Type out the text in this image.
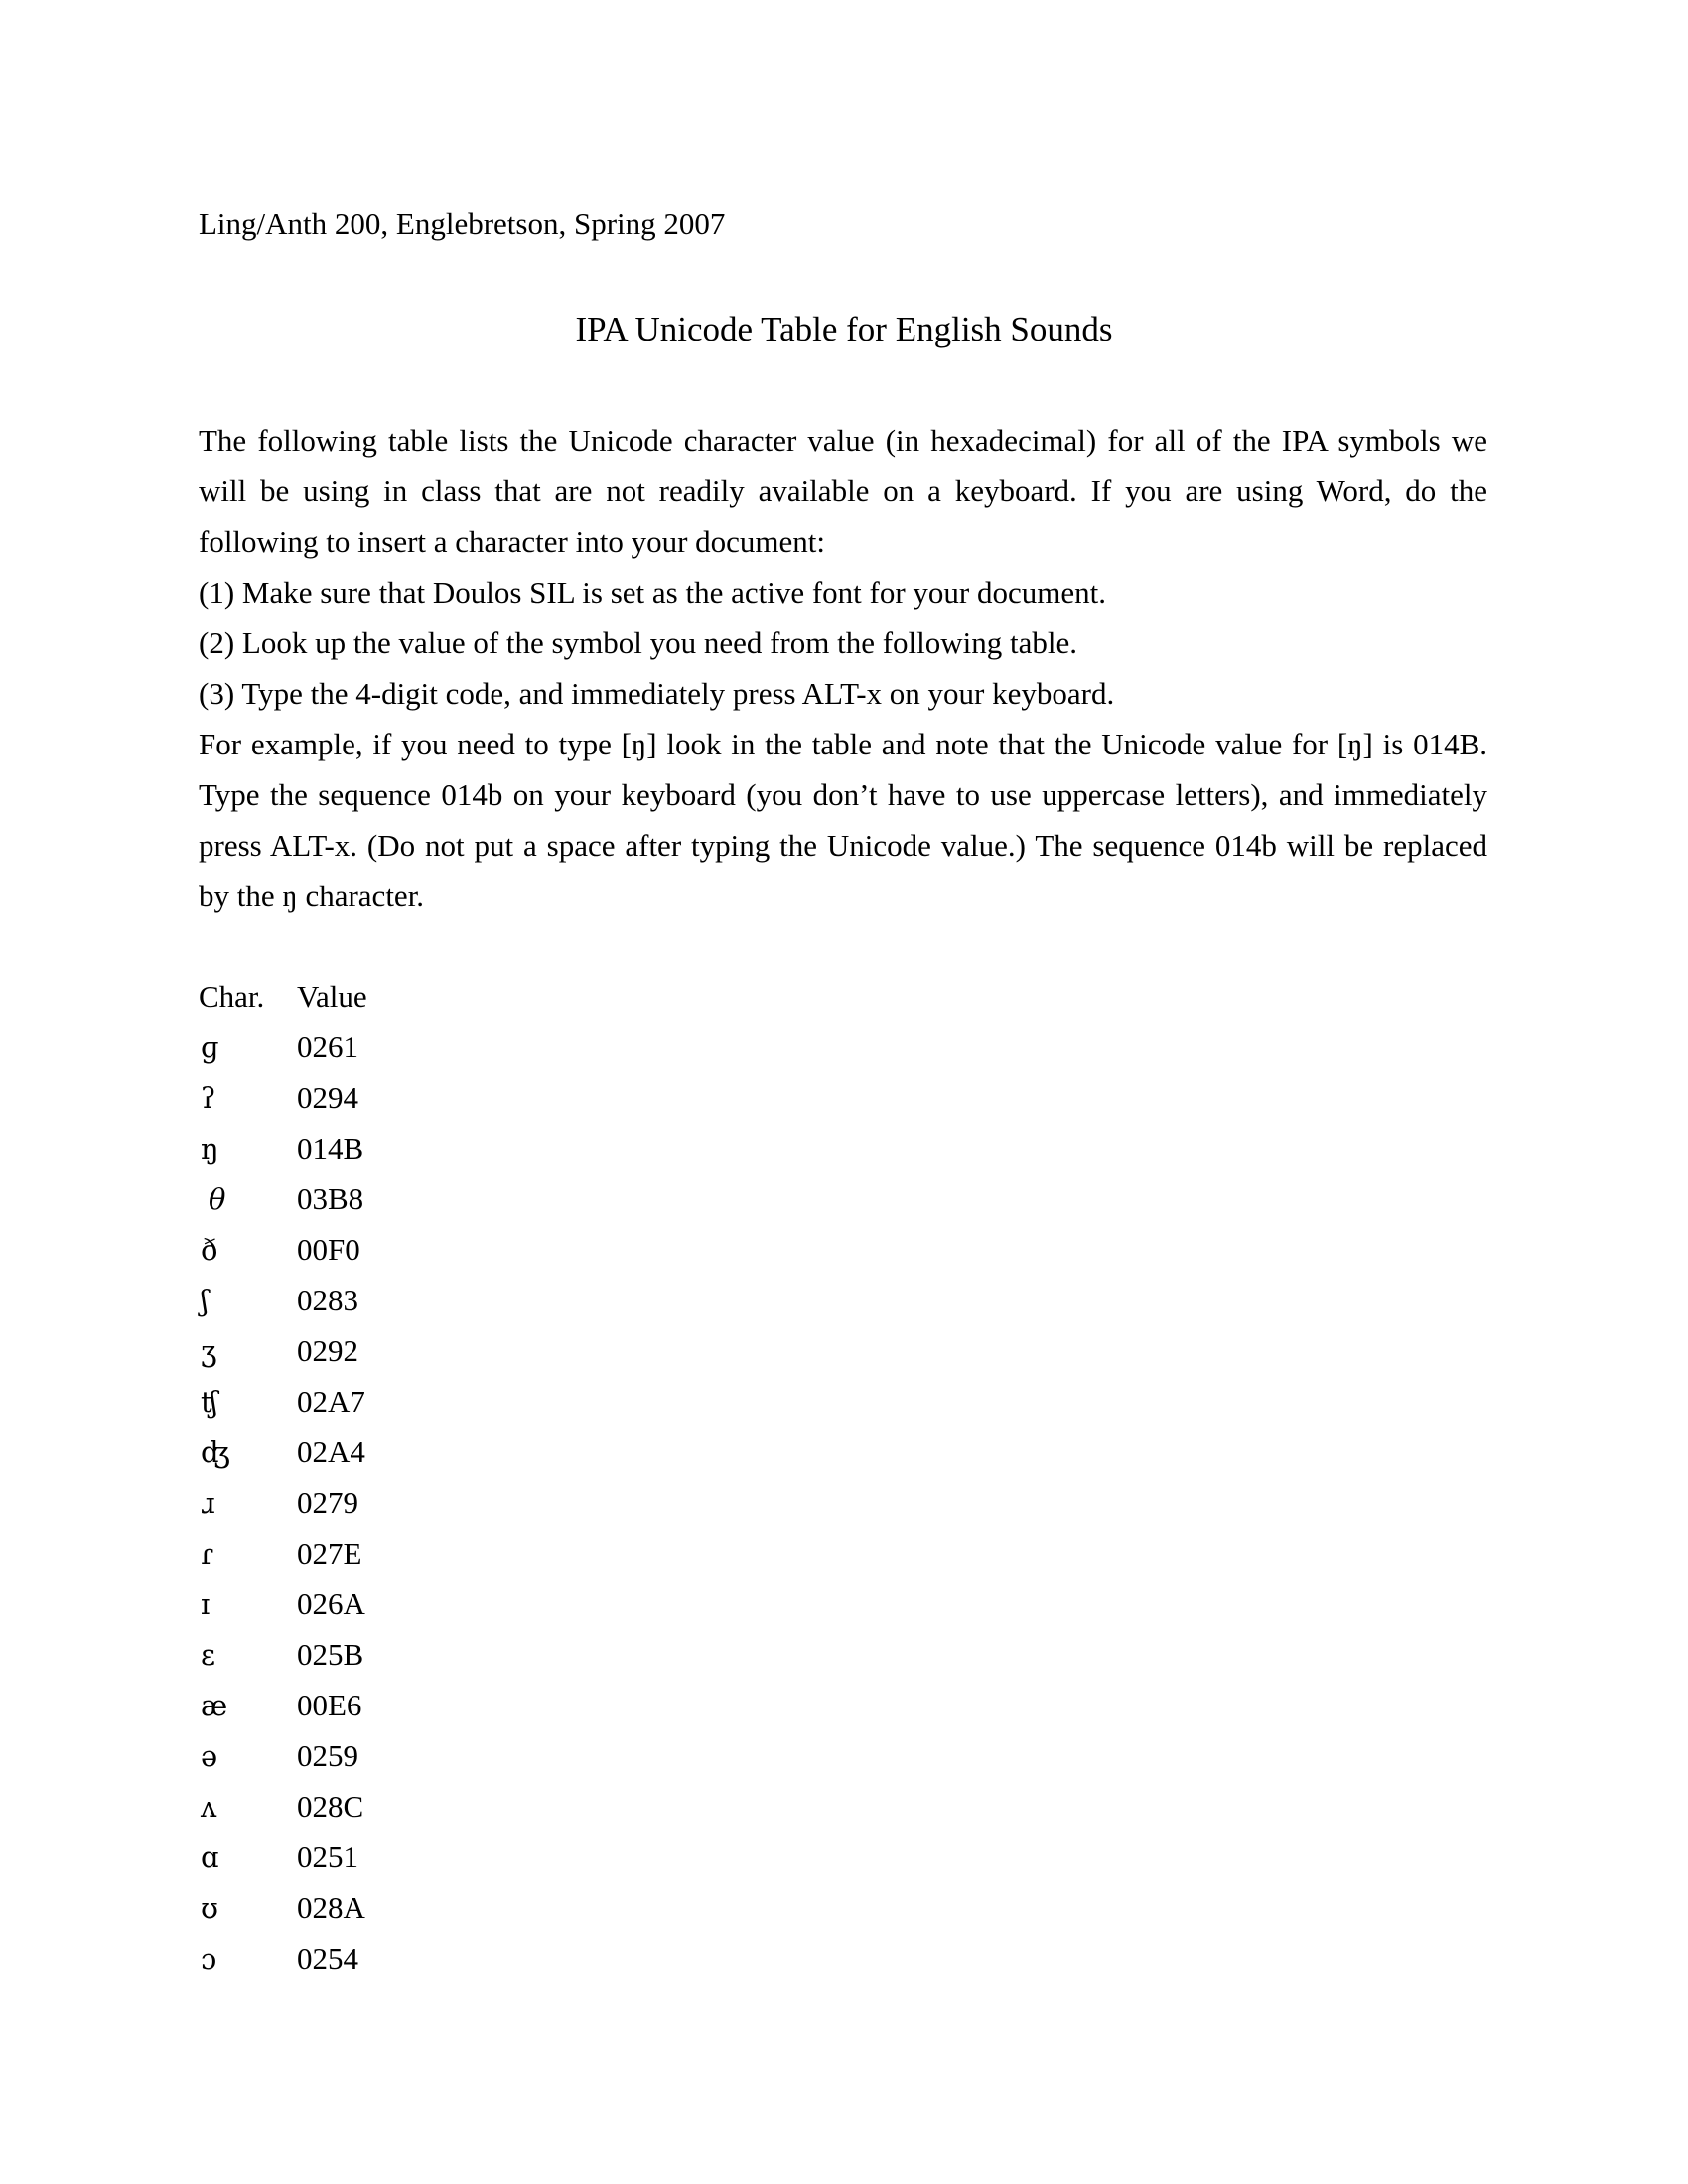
Ling/Anth 200, Englebretson, Spring 2007
IPA Unicode Table for English Sounds

The following table lists the Unicode character value (in hexadecimal) for all of the IPA symbols we will be using in class that are not readily available on a keyboard. If you are using Word, do the following to insert a character into your document:

(1) Make sure that Doulos SIL is set as the active font for your document.

(2) Look up the value of the symbol you need from the following table.

(3) Type the 4-digit code, and immediately press ALT-x on your keyboard.

For example, if you need to type [ŋ] look in the table and note that the Unicode value for [ŋ] is 014B. Type the sequence 014b on your keyboard (you don’t have to use uppercase letters), and immediately press ALT-x. (Do not put a space after typing the Unicode value.) The sequence 014b will be replaced by the ŋ character.

Char.	Value
ɡ	0261
ʔ	0294
ŋ	014B
θ	03B8
ð	00F0
ʃ	0283
ʒ	0292
ʧ	02A7
ʤ	02A4
ɹ	0279
ɾ	027E
ɪ	026A
ɛ	025B
æ	00E6
ə	0259
ʌ	028C
ɑ	0251
ʊ	028A
ɔ	0254
